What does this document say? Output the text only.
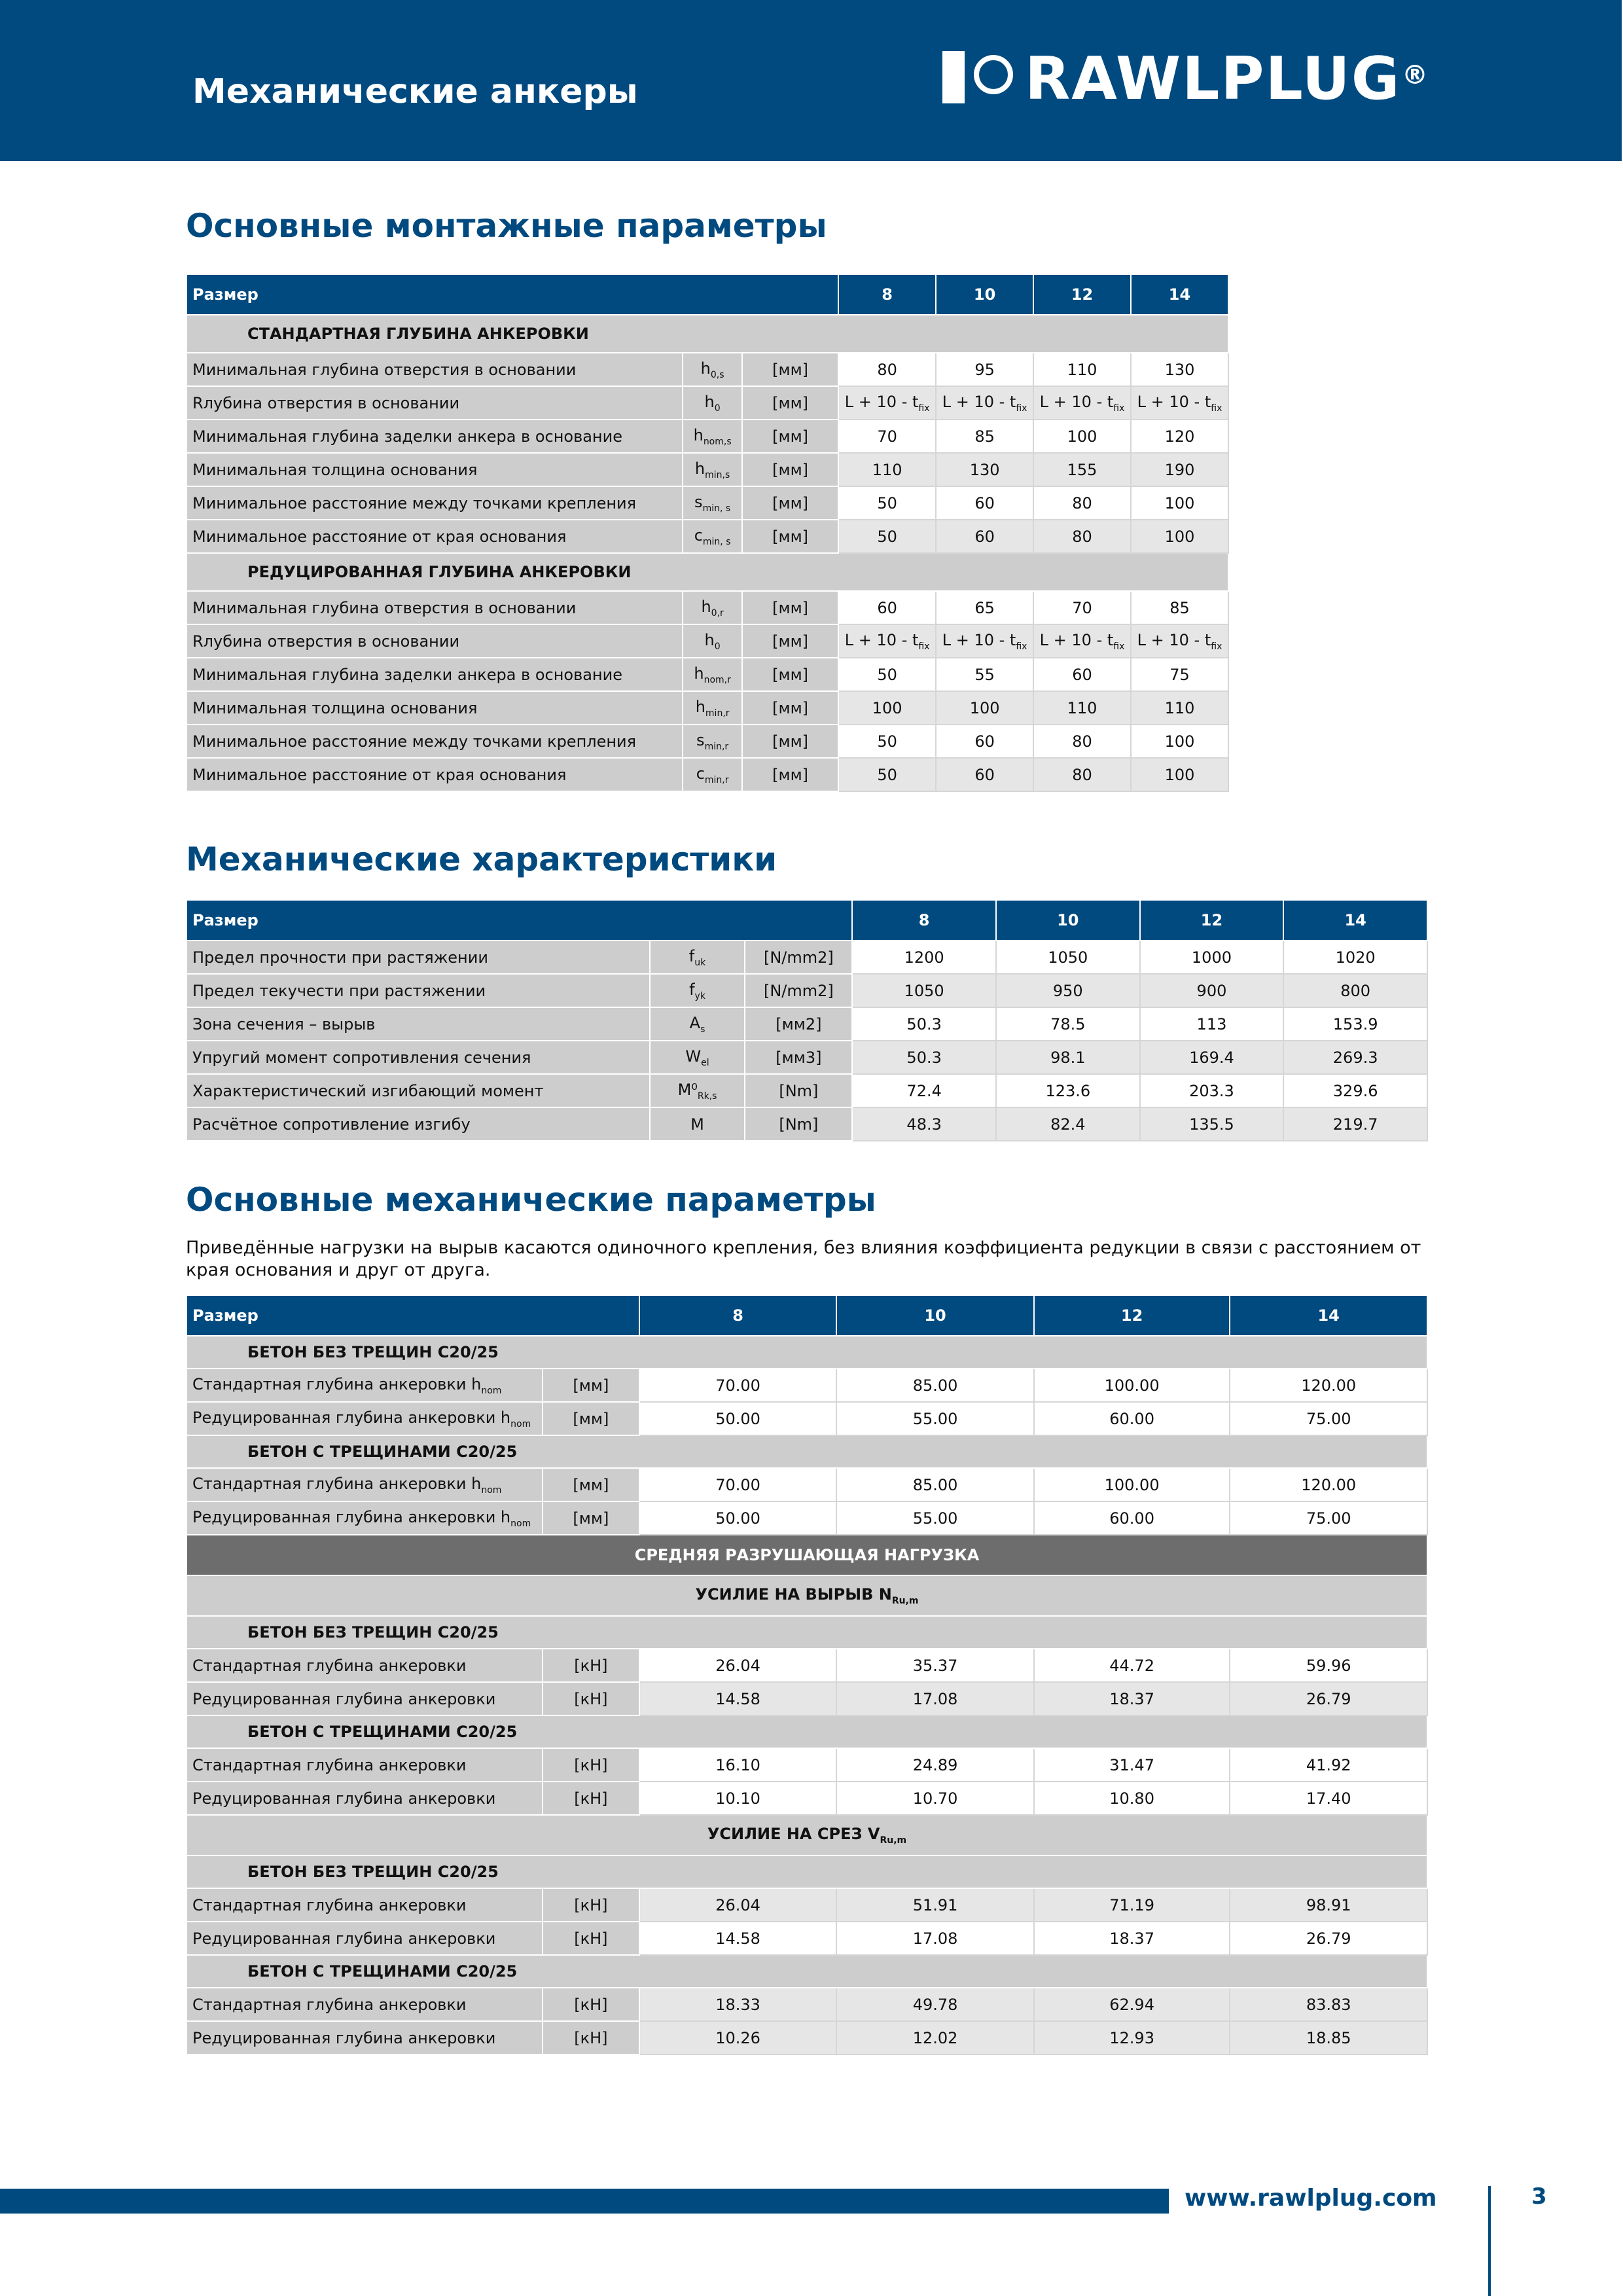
Механические анкеры	RAWLPLUG ®
Основные монтажные параметры
Размер			8	10	12	14
СТАНДАРТНАЯ ГЛУБИНА АНКЕРОВКИ						
Минимальная глубина отверстия в основании	$h_{0,s}$	[мм]	80	95	110	130
Rлубина отверстия в основании	$h_0$	[мм]	$L + 10 - t_{fix}$	$L + 10 - t_{fix}$	$L + 10 - t_{fix}$	$L + 10 - t_{fix}$
Минимальная глубина заделки анкера в основание	$h_{nom,s}$	[мм]	70	85	100	120
Минимальная толщина основания	$h_{min,s}$	[мм]	110	130	155	190
Минимальное расстояние между точками крепления	$s_{min, s}$	[мм]	50	60	80	100
Минимальное расстояние от края основания	$c_{min, s}$	[мм]	50	60	80	100
РЕДУЦИРОВАННАЯ ГЛУБИНА АНКЕРОВКИ						
Минимальная глубина отверстия в основании	$h_{0,r}$	[мм]	60	65	70	85
Rлубина отверстия в основании	$h_0$	[мм]	$L + 10 - t_{fix}$	$L + 10 - t_{fix}$	$L + 10 - t_{fix}$	$L + 10 - t_{fix}$
Минимальная глубина заделки анкера в основание	$h_{nom,r}$	[мм]	50	55	60	75
Минимальная толщина основания	$h_{min,r}$	[мм]	100	100	110	110
Минимальное расстояние между точками крепления	$s_{min,r}$	[мм]	50	60	80	100
Минимальное расстояние от края основания	$c_{min,r}$	[мм]	50	60	80	100
Механические характеристики
Размер			8	10	12	14
Предел прочности при растяжении	$f_{uk}$	[N/mm2]	1200	1050	1000	1020
Предел текучести при растяжении	$f_{yk}$	[N/mm2]	1050	950	900	800
Зона сечения – вырыв	$A_s$	[мм2]	50.3	78.5	113	153.9
Упругий момент сопротивления сечения	$W_{el}$	[мм3]	50.3	98.1	169.4	269.3
Характеристический изгибающий момент	$M^0_{Rk,s}$	[Nm]	72.4	123.6	203.3	329.6
Расчётное сопротивление изгибу	M	[Nm]	48.3	82.4	135.5	219.7
Основные механические параметры
Приведённые нагрузки на вырыв касаются одиночного крепления, без влияния коэффициента редукции в связи с расстоянием от края основания и друг от друга.
Размер		8	10	12	14
БЕТОН БЕЗ ТРЕЩИН C20/25					
Стандартная глубина анкеровки $h_{nom}$	[мм]	70.00	85.00	100.00	120.00
Редуцированная глубина анкеровки $h_{nom}$	[мм]	50.00	55.00	60.00	75.00
БЕТОН С ТРЕЩИНАМИ C20/25					
Стандартная глубина анкеровки $h_{nom}$	[мм]	70.00	85.00	100.00	120.00
Редуцированная глубина анкеровки $h_{nom}$	[мм]	50.00	55.00	60.00	75.00
СРЕДНЯЯ РАЗРУШАЮЩАЯ НАГРУЗКА					
УСИЛИЕ НА ВЫРЫВ $N_{Ru,m}$
БЕТОН БЕЗ ТРЕЩИН C20/25					
Стандартная глубина анкеровки	[кН]	26.04	35.37	44.72	59.96
Редуцированная глубина анкеровки	[кН]	14.58	17.08	18.37	26.79
БЕТОН С ТРЕЩИНАМИ C20/25					
Стандартная глубина анкеровки	[кН]	16.10	24.89	31.47	41.92
Редуцированная глубина анкеровки	[кН]	10.10	10.70	10.80	17.40
УСИЛИЕ НА СРЕЗ $V_{Ru,m}$
БЕТОН БЕЗ ТРЕЩИН C20/25					
Стандартная глубина анкеровки	[кН]	26.04	51.91	71.19	98.91
Редуцированная глубина анкеровки	[кН]	14.58	17.08	18.37	26.79
БЕТОН С ТРЕЩИНАМИ C20/25					
Стандартная глубина анкеровки	[кН]	18.33	49.78	62.94	83.83
Редуцированная глубина анкеровки	[кН]	10.26	12.02	12.93	18.85
www.rawlplug.com	3
